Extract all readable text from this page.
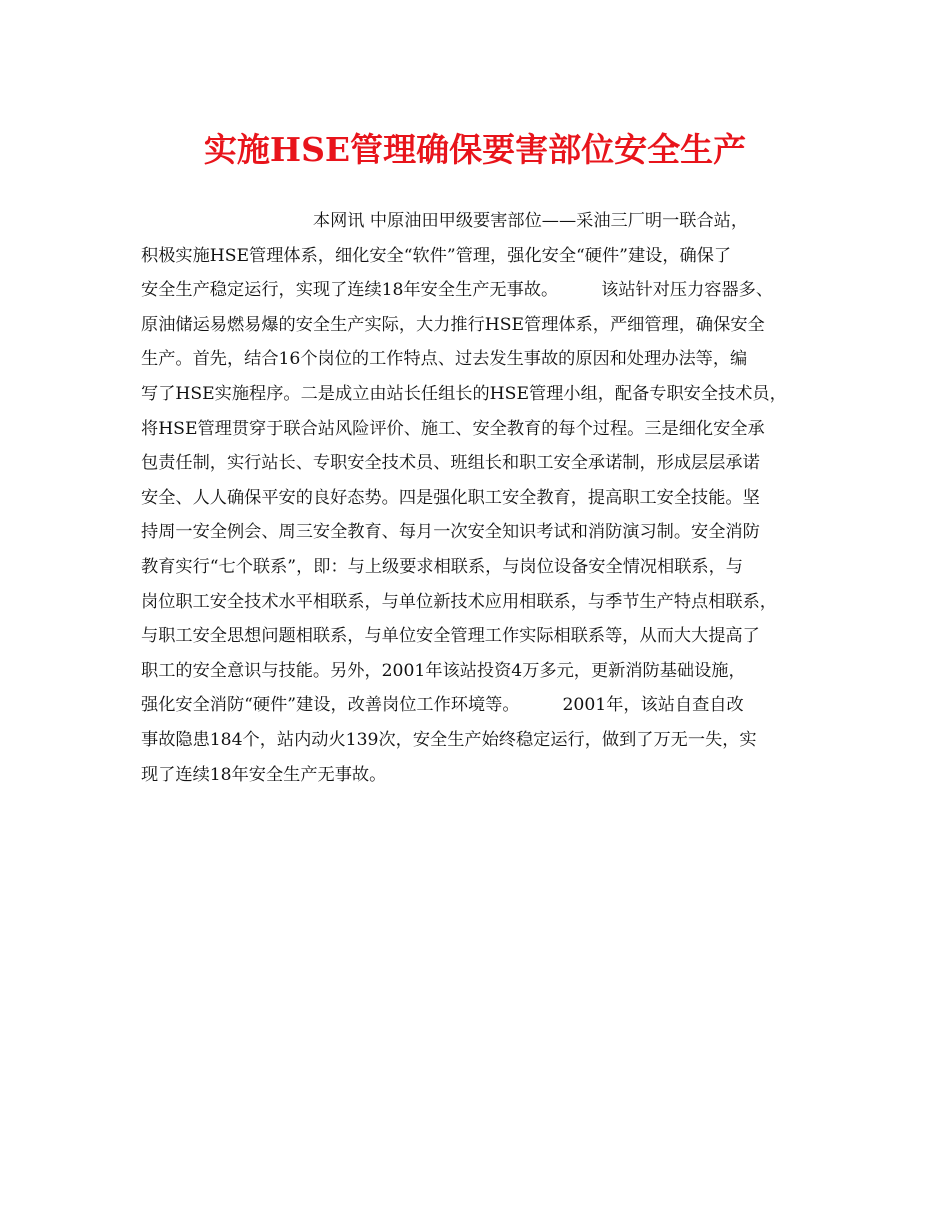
实施HSE管理确保要害部位安全生产
　　　　　　　　　　本网讯 中原油田甲级要害部位——采油三厂明一联合站，
积极实施HSE管理体系，细化安全“软件”管理，强化安全“硬件”建设，确保了
安全生产稳定运行，实现了连续18年安全生产无事故。　　　该站针对压力容器多、
原油储运易燃易爆的安全生产实际，大力推行HSE管理体系，严细管理，确保安全
生产。首先，结合16个岗位的工作特点、过去发生事故的原因和处理办法等，编
写了HSE实施程序。二是成立由站长任组长的HSE管理小组，配备专职安全技术员，
将HSE管理贯穿于联合站风险评价、施工、安全教育的每个过程。三是细化安全承
包责任制，实行站长、专职安全技术员、班组长和职工安全承诺制，形成层层承诺
安全、人人确保平安的良好态势。四是强化职工安全教育，提高职工安全技能。坚
持周一安全例会、周三安全教育、每月一次安全知识考试和消防演习制。安全消防
教育实行“七个联系”，即：与上级要求相联系，与岗位设备安全情况相联系，与
岗位职工安全技术水平相联系，与单位新技术应用相联系，与季节生产特点相联系，
与职工安全思想问题相联系，与单位安全管理工作实际相联系等，从而大大提高了
职工的安全意识与技能。另外，2001年该站投资4万多元，更新消防基础设施，
强化安全消防“硬件”建设，改善岗位工作环境等。　　　2001年，该站自查自改
事故隐患184个，站内动火139次，安全生产始终稳定运行，做到了万无一失，实
现了连续18年安全生产无事故。
